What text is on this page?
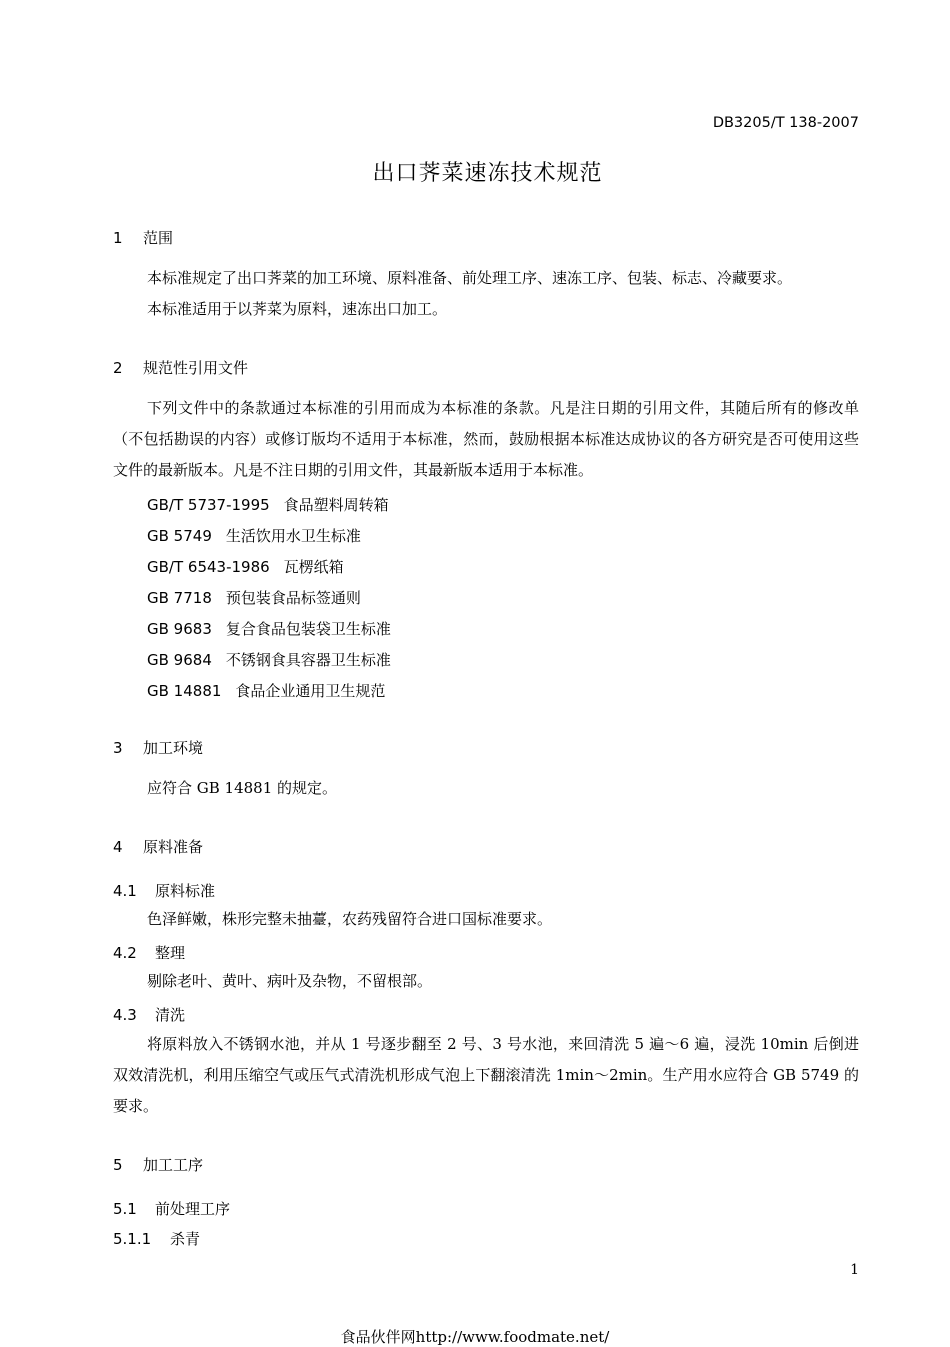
DB3205/T 138-2007
出口荠菜速冻技术规范
1 范围
本标准规定了出口荠菜的加工环境、原料准备、前处理工序、速冻工序、包装、标志、冷藏要求。
本标准适用于以荠菜为原料，速冻出口加工。
2 规范性引用文件
下列文件中的条款通过本标准的引用而成为本标准的条款。凡是注日期的引用文件，其随后所有的修改单（不包括勘误的内容）或修订版均不适用于本标准，然而，鼓励根据本标准达成协议的各方研究是否可使用这些文件的最新版本。凡是不注日期的引用文件，其最新版本适用于本标准。
GB/T 5737-1995 食品塑料周转箱
GB 5749 生活饮用水卫生标准
GB/T 6543-1986 瓦楞纸箱
GB 7718 预包装食品标签通则
GB 9683 复合食品包装袋卫生标准
GB 9684 不锈钢食具容器卫生标准
GB 14881 食品企业通用卫生规范
3 加工环境
应符合 GB 14881 的规定。
4 原料准备
4.1 原料标准
色泽鲜嫩，株形完整未抽薹，农药残留符合进口国标准要求。
4.2 整理
剔除老叶、黄叶、病叶及杂物，不留根部。
4.3 清洗
将原料放入不锈钢水池，并从 1 号逐步翻至 2 号、3 号水池，来回清洗 5 遍～6 遍，浸洗 10min 后倒进双效清洗机，利用压缩空气或压气式清洗机形成气泡上下翻滚清洗 1min～2min。生产用水应符合 GB 5749 的要求。
5 加工工序
5.1 前处理工序
5.1.1 杀青
1
食品伙伴网http://www.foodmate.net/
